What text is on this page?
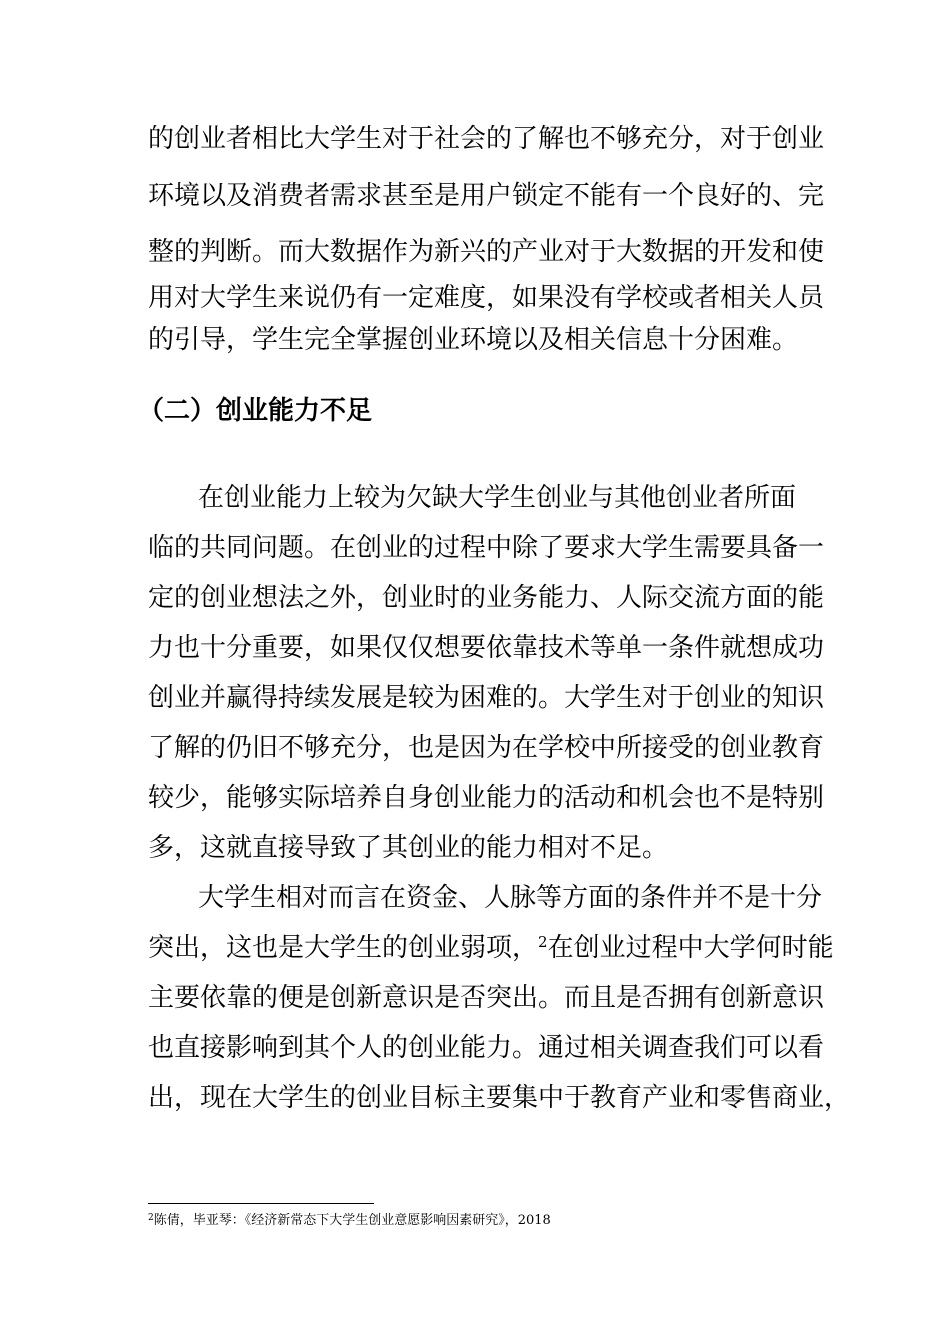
的创业者相比大学生对于社会的了解也不够充分，对于创业
环境以及消费者需求甚至是用户锁定不能有一个良好的、完
整的判断。而大数据作为新兴的产业对于大数据的开发和使
用对大学生来说仍有一定难度，如果没有学校或者相关人员
的引导，学生完全掌握创业环境以及相关信息十分困难。
（二）创业能力不足
在创业能力上较为欠缺大学生创业与其他创业者所面
临的共同问题。在创业的过程中除了要求大学生需要具备一
定的创业想法之外，创业时的业务能力、人际交流方面的能
力也十分重要，如果仅仅想要依靠技术等单一条件就想成功
创业并赢得持续发展是较为困难的。大学生对于创业的知识
了解的仍旧不够充分，也是因为在学校中所接受的创业教育
较少，能够实际培养自身创业能力的活动和机会也不是特别
多，这就直接导致了其创业的能力相对不足。
大学生相对而言在资金、人脉等方面的条件并不是十分
突出，这也是大学生的创业弱项，$^2$在创业过程中大学何时能
主要依靠的便是创新意识是否突出。而且是否拥有创新意识
也直接影响到其个人的创业能力。通过相关调查我们可以看
出，现在大学生的创业目标主要集中于教育产业和零售商业，
$^2$陈倩，毕亚琴：《经济新常态下大学生创业意愿影响因素研究》，2018
